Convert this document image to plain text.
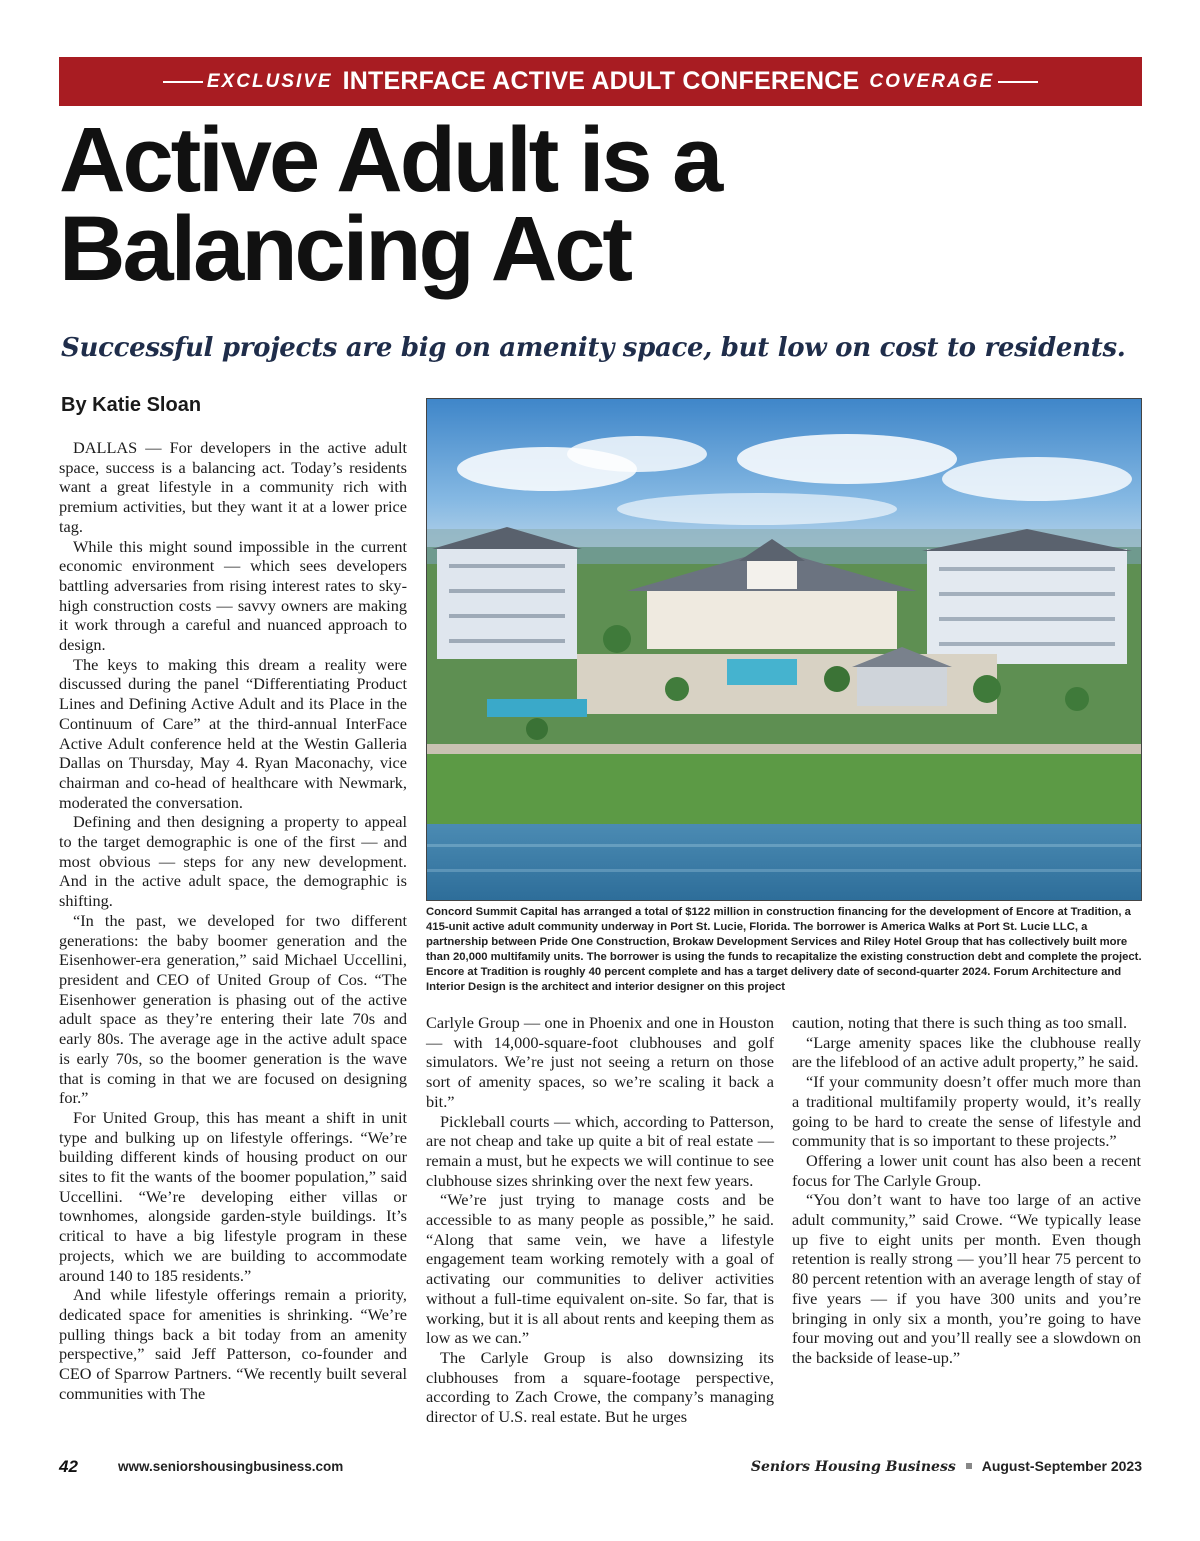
EXCLUSIVE INTERFACE ACTIVE ADULT CONFERENCE COVERAGE
Active Adult is a
Balancing Act

Successful projects are big on amenity space, but low on cost to residents.

By Katie Sloan

DALLAS — For developers in the active adult space, success is a balancing act. Today’s residents want a great lifestyle in a community rich with premium activities, but they want it at a lower price tag.

While this might sound impossible in the current economic environment — which sees developers battling adversaries from rising interest rates to sky-high construction costs — savvy owners are making it work through a careful and nuanced approach to design.

The keys to making this dream a reality were discussed during the panel “Differentiating Product Lines and Defining Active Adult and its Place in the Continuum of Care” at the third-annual InterFace Active Adult conference held at the Westin Galleria Dallas on Thursday, May 4. Ryan Maconachy, vice chairman and co-head of healthcare with Newmark, moderated the conversation.

Defining and then designing a property to appeal to the target demographic is one of the first — and most obvious — steps for any new development. And in the active adult space, the demographic is shifting.

“In the past, we developed for two different generations: the baby boomer generation and the Eisenhower-era generation,” said Michael Uccellini, president and CEO of United Group of Cos. “The Eisenhower generation is phasing out of the active adult space as they’re entering their late 70s and early 80s. The average age in the active adult space is early 70s, so the boomer generation is the wave that is coming in that we are focused on designing for.”

For United Group, this has meant a shift in unit type and bulking up on lifestyle offerings. “We’re building different kinds of housing product on our sites to fit the wants of the boomer population,” said Uccellini. “We’re developing either villas or townhomes, alongside garden-style buildings. It’s critical to have a big lifestyle program in these projects, which we are building to accommodate around 140 to 185 residents.”

And while lifestyle offerings remain a priority, dedicated space for amenities is shrinking. “We’re pulling things back a bit today from an amenity perspective,” said Jeff Patterson, co-founder and CEO of Sparrow Partners. “We recently built several communities with The

Concord Summit Capital has arranged a total of $122 million in construction financing for the development of Encore at Tradition, a 415-unit active adult community underway in Port St. Lucie, Florida. The borrower is America Walks at Port St. Lucie LLC, a partnership between Pride One Construction, Brokaw Development Services and Riley Hotel Group that has collectively built more than 20,000 multifamily units. The borrower is using the funds to recapitalize the existing construction debt and complete the project. Encore at Tradition is roughly 40 percent complete and has a target delivery date of second-quarter 2024. Forum Architecture and Interior Design is the architect and interior designer on this project

Carlyle Group — one in Phoenix and one in Houston — with 14,000-square-foot clubhouses and golf simulators. We’re just not seeing a return on those sort of amenity spaces, so we’re scaling it back a bit.”

Pickleball courts — which, according to Patterson, are not cheap and take up quite a bit of real estate — remain a must, but he expects we will continue to see clubhouse sizes shrinking over the next few years.

“We’re just trying to manage costs and be accessible to as many people as possible,” he said. “Along that same vein, we have a lifestyle engagement team working remotely with a goal of activating our communities to deliver activities without a full-time equivalent on-site. So far, that is working, but it is all about rents and keeping them as low as we can.”

The Carlyle Group is also downsizing its clubhouses from a square-footage perspective, according to Zach Crowe, the company’s managing director of U.S. real estate. But he urges

caution, noting that there is such thing as too small.

“Large amenity spaces like the clubhouse really are the lifeblood of an active adult property,” he said.

“If your community doesn’t offer much more than a traditional multifamily property would, it’s really going to be hard to create the sense of lifestyle and community that is so important to these projects.”

Offering a lower unit count has also been a recent focus for The Carlyle Group.

“You don’t want to have too large of an active adult community,” said Crowe. “We typically lease up five to eight units per month. Even though retention is really strong — you’ll hear 75 percent to 80 percent retention with an average length of stay of five years — if you have 300 units and you’re bringing in only six a month, you’re going to have four moving out and you’ll really see a slowdown on the backside of lease-up.”

42	www.seniorshousingbusiness.com	Seniors Housing Business August-September 2023
